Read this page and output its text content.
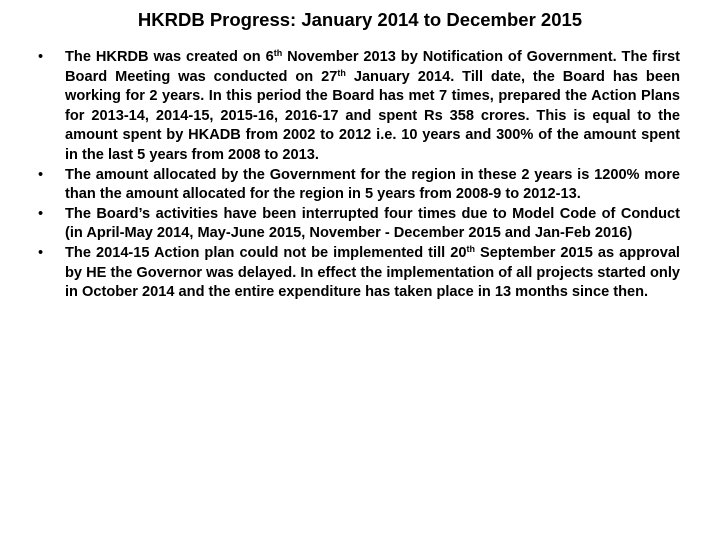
HKRDB Progress: January 2014 to December 2015
•	The HKRDB was created on 6th November 2013 by Notification of Government. The first Board Meeting was conducted on 27th January 2014. Till date, the Board has been working for 2 years. In this period the Board has met 7 times, prepared the Action Plans for 2013-14, 2014-15, 2015-16, 2016-17 and spent Rs 358 crores. This is equal to the amount spent by HKADB from 2002 to 2012 i.e. 10 years and 300% of the amount spent in the last 5 years from 2008 to 2013.
•	The amount allocated by the Government for the region in these 2 years is 1200% more than the amount allocated for the region in 5 years from 2008-9 to 2012-13.
•	The Board’s activities have been interrupted four times due to Model Code of Conduct (in April-May 2014, May-June 2015, November - December 2015 and Jan-Feb 2016)
•	The 2014-15 Action plan could not be implemented till 20th September 2015 as approval by HE the Governor was delayed. In effect the implementation of all projects started only in October 2014 and the entire expenditure has taken place in 13 months since then.
